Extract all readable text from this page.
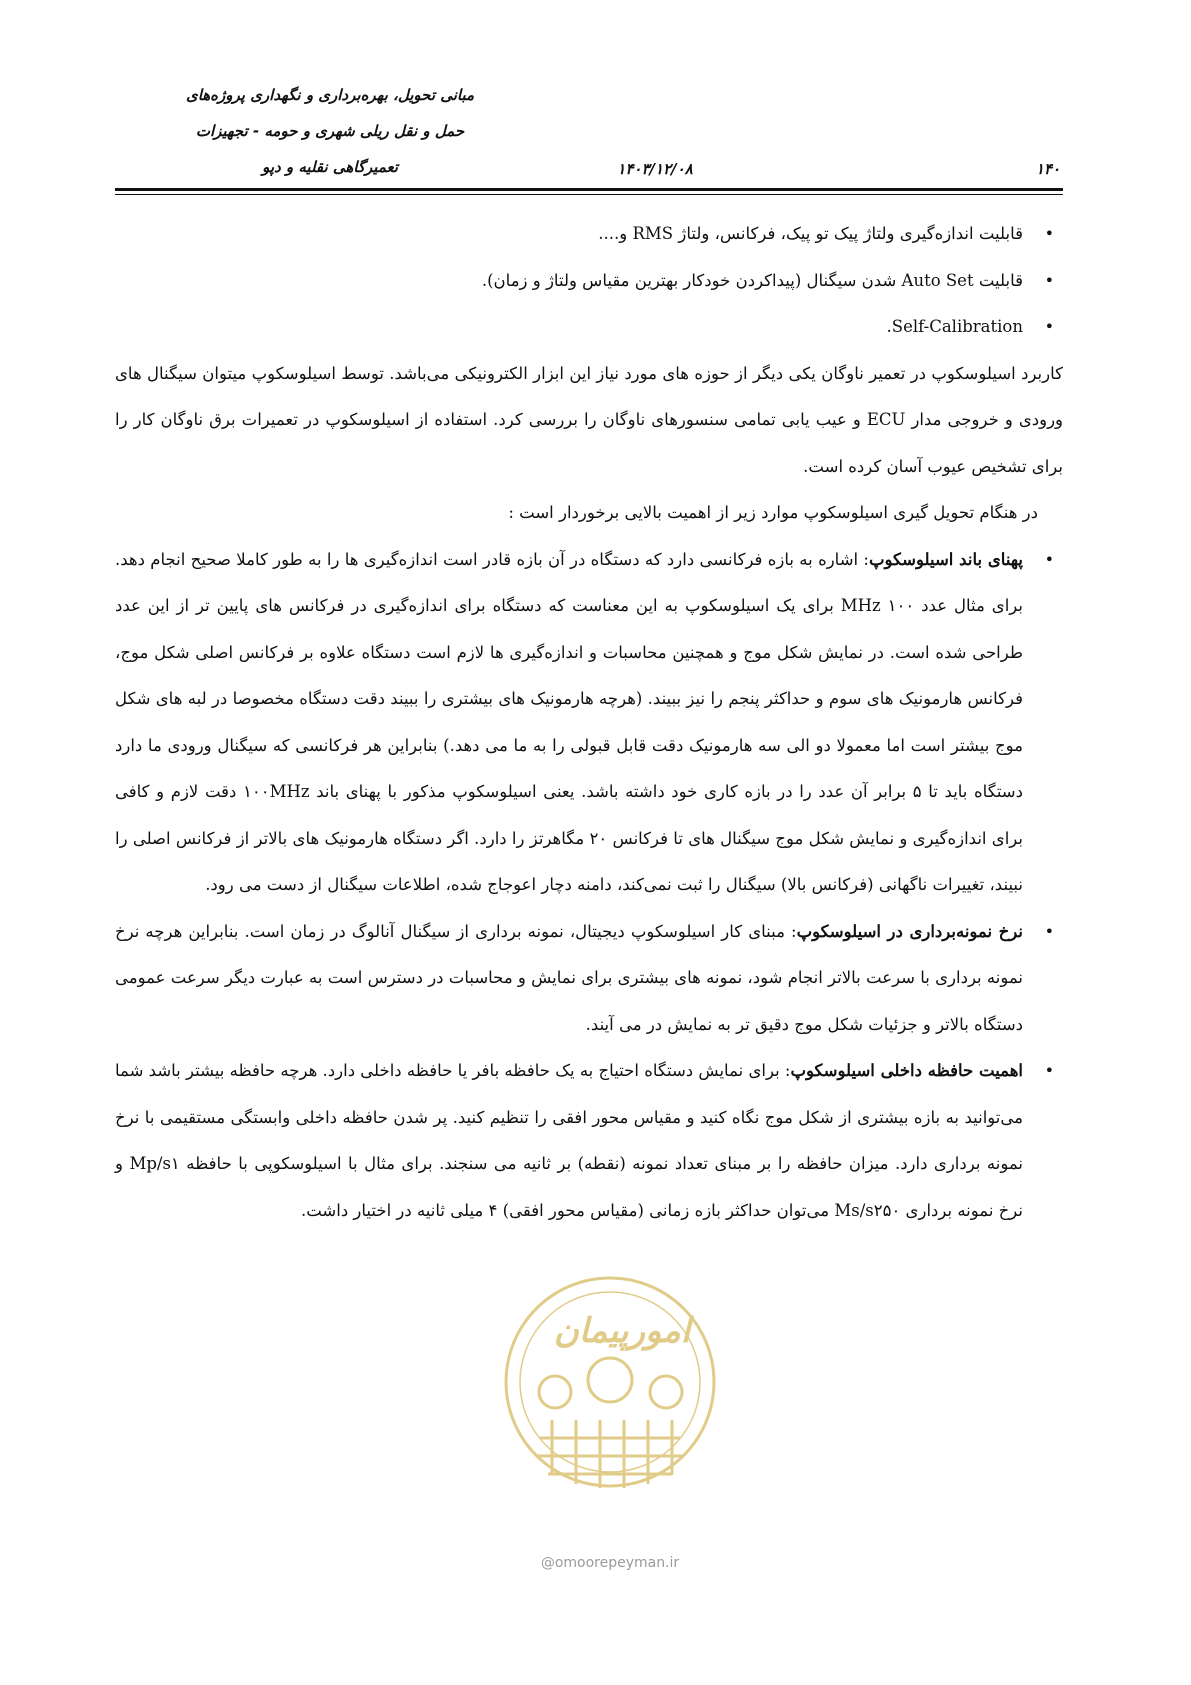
مبانی تحویل، بهره‌برداری و نگهداری پروژه‌های
حمل و نقل ریلی شهری و حومه - تجهیزات
تعمیرگاهی نقلیه و دپو	۱۴۰۳/۱۲/۰۸	۱۴۰

• قابلیت اندازه‌گیری ولتاژ پیک تو پیک، فرکانس، ولتاژ RMS و....

• قابلیت Auto Set شدن سیگنال (پیداکردن خودکار بهترین مقیاس ولتاژ و زمان).

• Self-Calibration.

کاربرد اسیلوسکوپ در تعمیر ناوگان یکی دیگر از حوزه های مورد نیاز این ابزار الکترونیکی می‌باشد. توسط اسیلوسکوپ میتوان سیگنال های ورودی و خروجی مدار ECU و عیب یابی تمامی سنسورهای ناوگان را بررسی کرد. استفاده از اسیلوسکوپ در تعمیرات برق ناوگان کار را برای تشخیص عیوب آسان کرده است.

در هنگام تحویل گیری اسیلوسکوپ موارد زیر از اهمیت بالایی برخوردار است :

• پهنای باند اسیلوسکوپ: اشاره به بازه فرکانسی دارد که دستگاه در آن بازه قادر است اندازه‌گیری ها را به طور کاملا صحیح انجام دهد. برای مثال عدد ۱۰۰ MHz برای یک اسیلوسکوپ به این معناست که دستگاه برای اندازه‌گیری در فرکانس های پایین تر از این عدد طراحی شده است. در نمایش شکل موج و همچنین محاسبات و اندازه‌گیری ها لازم است دستگاه علاوه بر فرکانس اصلی شکل موج، فرکانس هارمونیک های سوم و حداکثر پنجم را نیز ببیند. (هرچه هارمونیک های بیشتری را ببیند دقت دستگاه مخصوصا در لبه های شکل موج بیشتر است اما معمولا دو الی سه هارمونیک دقت قابل قبولی را به ما می دهد.) بنابراین هر فرکانسی که سیگنال ورودی ما دارد دستگاه باید تا ۵ برابر آن عدد را در بازه کاری خود داشته باشد. یعنی اسیلوسکوپ مذکور با پهنای باند ۱۰۰MHz دقت لازم و کافی برای اندازه‌گیری و نمایش شکل موج سیگنال های تا فرکانس ۲۰ مگاهرتز را دارد. اگر دستگاه هارمونیک های بالاتر از فرکانس اصلی را نبیند، تغییرات ناگهانی (فرکانس بالا) سیگنال را ثبت نمی‌کند، دامنه دچار اعوجاج شده، اطلاعات سیگنال از دست می رود.

• نرخ نمونه‌برداری در اسیلوسکوپ: مبنای کار اسیلوسکوپ دیجیتال، نمونه برداری از سیگنال آنالوگ در زمان است. بنابراین هرچه نرخ نمونه برداری با سرعت بالاتر انجام شود، نمونه های بیشتری برای نمایش و محاسبات در دسترس است به عبارت دیگر سرعت عمومی دستگاه بالاتر و جزئیات شکل موج دقیق تر به نمایش در می آیند.

• اهمیت حافظه داخلی اسیلوسکوپ: برای نمایش دستگاه احتیاج به یک حافظه بافر یا حافظه داخلی دارد. هرچه حافظه بیشتر باشد شما می‌توانید به بازه بیشتری از شکل موج نگاه کنید و مقیاس محور افقی را تنظیم کنید. پر شدن حافظه داخلی وابستگی مستقیمی با نرخ نمونه برداری دارد. میزان حافظه را بر مبنای تعداد نمونه (نقطه) بر ثانیه می سنجند. برای مثال با اسیلوسکوپی با حافظه Mp/s۱ و نرخ نمونه برداری Ms/s۲۵۰ می‌توان حداکثر بازه زمانی (مقیاس محور افقی) ۴ میلی ثانیه در اختیار داشت.

امورپیمان
@omoorepeyman.ir
